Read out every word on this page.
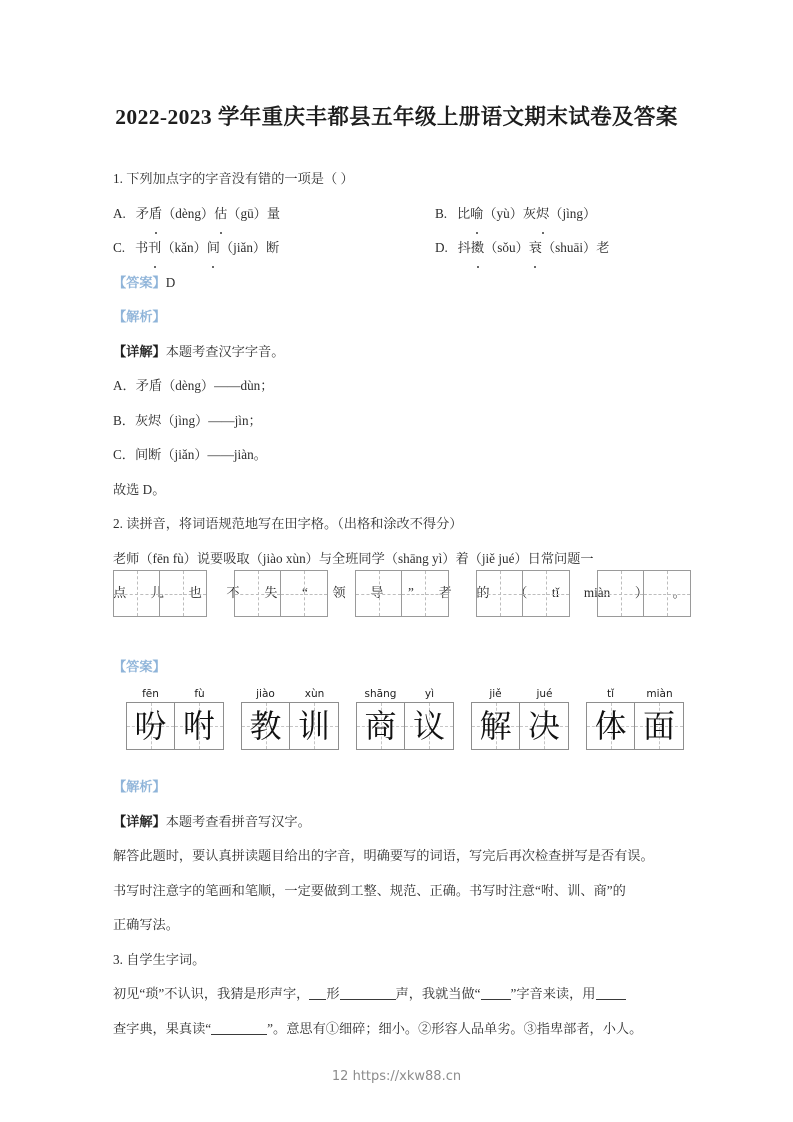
2022-2023 学年重庆丰都县五年级上册语文期末试卷及答案
1. 下列加点字的字音没有错的一项是（ ）
A. 矛盾（dèng）估（gū）量	B. 比喻（yù）灰烬（jìng）
C. 书刊（kǎn）间（jiǎn）断	D. 抖擞（sǒu）衰（shuāi）老
【答案】D
【解析】
【详解】本题考查汉字字音。
A．矛盾（dèng）——dùn；
B．灰烬（jìng）——jìn；
C．间断（jiǎn）——jiàn。
故选 D。
2. 读拼音，将词语规范地写在田字格。（出格和涂改不得分）
老师（fēn fù）说要吸取（jiào xùn）与全班同学（shāng yì）着（jiě jué）日常问题一
点 儿 也 不 失 “ 领 导 ” 者 的 （ tǐ miàn ） 。
【答案】
fēn	fù
吩 咐
jiào	xùn
教 训
shāng	yì
商 议
jiě	jué
解 决
tǐ	miàn
体 面
【解析】
【详解】本题考查看拼音写汉字。
解答此题时，要认真拼读题目给出的字音，明确要写的词语，写完后再次检查拼写是否有误。
书写时注意字的笔画和笔顺，一定要做到工整、规范、正确。书写时注意“咐、训、商”的
正确写法。
3. 自学生字词。
初见“琐”不认识，我猜是形声字， 形	声，我就当做“ ”字音来读，用
查字典，果真读“	”。意思有①细碎；细小。②形容人品单劣。③指卑部者，小人。
12 https://xkw88.cn
